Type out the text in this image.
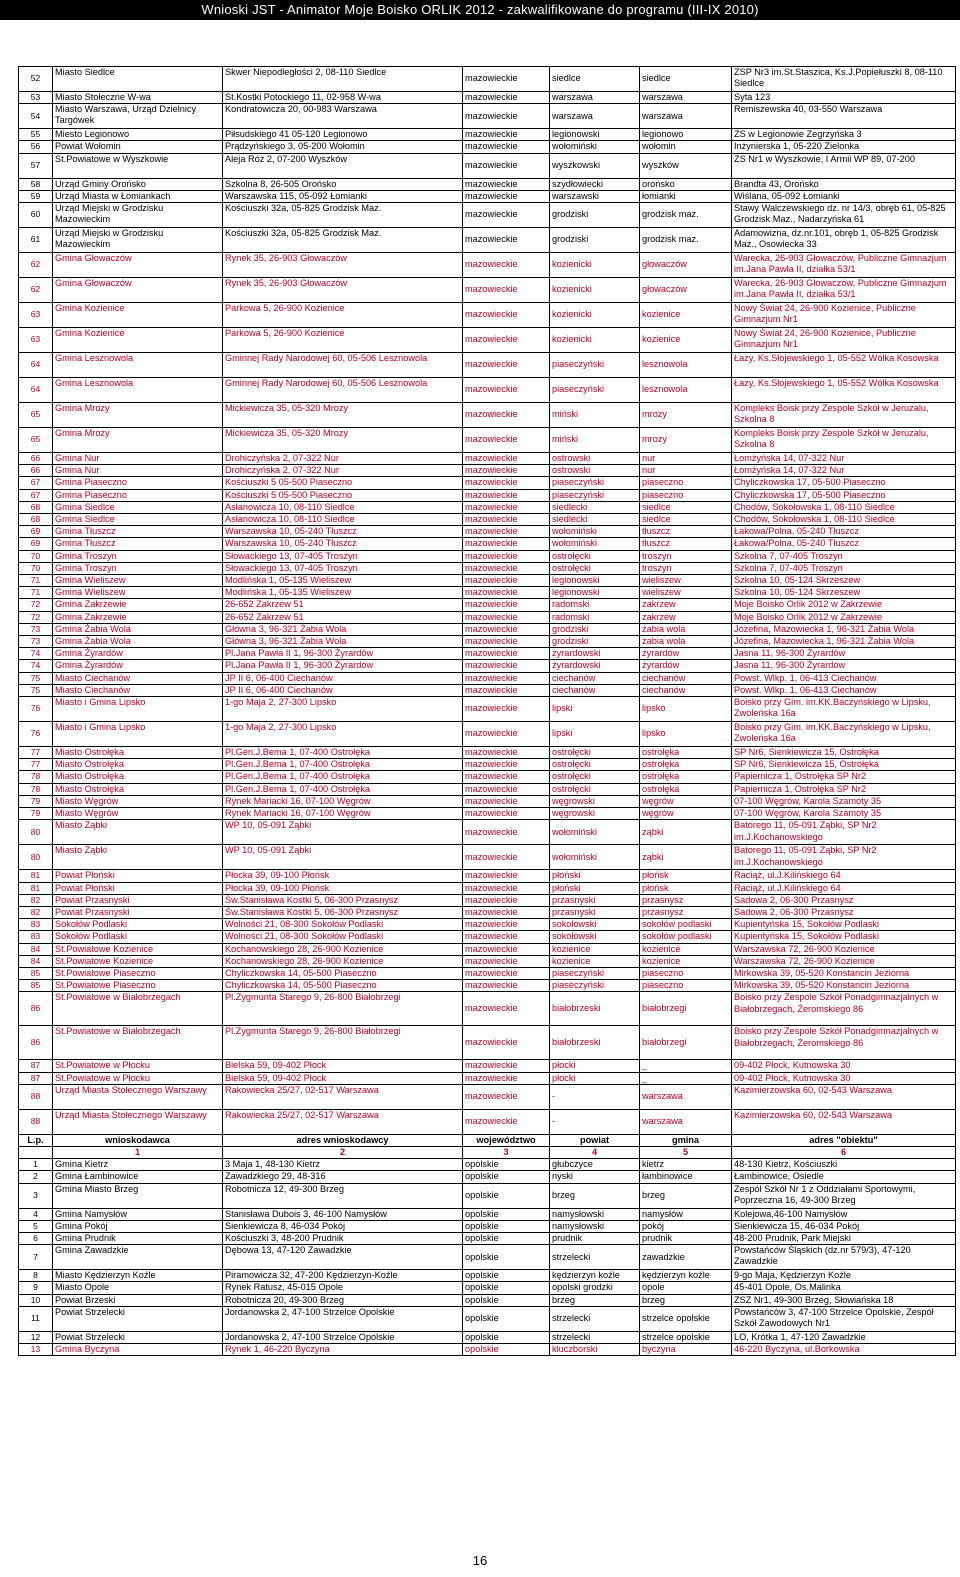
Wnioski JST - Animator Moje Boisko ORLIK 2012 - zakwalifikowane do programu (III-IX 2010)
52	Miasto Siedlce	Skwer Niepodległości 2, 08-110 Siedlce	mazowieckie	siedlce	siedlce	ZSP Nr3 im.St.Staszica, Ks.J.Popiełuszki 8, 08-110 Siedlce
53	Miasto Stołeczne W-wa	St.Kostki Potockiego 11, 02-958 W-wa	mazowieckie	warszawa	warszawa	Syta 123
54	Miasto Warszawa, Urząd Dzielnicy Targówek	Kondratowicza 20, 00-983 Warszawa	mazowieckie	warszawa	warszawa	Remiszewska 40, 03-550 Warszawa
55	Miesto Legionowo	Piłsudskiego 41 05-120 Legionowo	mazowieckie	legionowski	legionowo	ZS w Legionowie Zegrzyńska 3
56	Powiat Wołomin	Prądzyńskiego 3, 05-200 Wołomin	mazowieckie	wołomiński	wołomin	Inżynierska 1, 05-220 Zielonka
57	St.Powiatowe w Wyszkowie	Aleja Róż 2, 07-200 Wyszków	mazowieckie	wyszkowski	wyszków	ZS Nr1 w Wyszkowie, I Armii WP 89, 07-200
58	Urząd Gminy Orońsko	Szkolna 8, 26-505 Orońsko	mazowieckie	szydłowiecki	orońsko	Brandta 43, Orońsko
59	Urząd Miasta w Łomiankach	Warszawska 115, 05-092 Łomianki	mazowieckie	warszawski	łomianki	Wiślana, 05-092 Łomianki
60	Urząd Miejski w Grodzisku Mazowieckim	Kościuszki 32a, 05-825 Grodzisk Maz.	mazowieckie	grodziski	grodzisk maz.	Stawy Walczewskiego dz. nr 14/3, obręb 61, 05-825 Grodzisk Maz., Nadarzyńska 61
61	Urząd Miejski w Grodzisku Mazowieckim	Kościuszki 32a, 05-825 Grodzisk Maz.	mazowieckie	grodziski	grodzisk maz.	Adamowizna, dz.nr.101, obręb 1, 05-825 Grodzisk Maz., Osowiecka 33
62	Gmina Głowaczów	Rynek 35, 26-903 Głowaczów	mazowieckie	kozienicki	głowaczów	Warecka, 26-903 Głowaczów, Publiczne Gimnazjum im.Jana Pawła II, działka 53/1
62	Gmina Głowaczów	Rynek 35, 26-903 Głowaczów	mazowieckie	kozienicki	głowaczów	Warecka, 26-903 Głowaczów, Publiczne Gimnazjum im.Jana Pawła II, działka 53/1
63	Gmina Kozienice	Parkowa 5, 26-900 Kozienice	mazowieckie	kozienicki	kozienice	Nowy Świat 24, 26-900 Kozienice, Publiczne Gimnazjum Nr1
63	Gmina Kozienice	Parkowa 5, 26-900 Kozienice	mazowieckie	kozienicki	kozienice	Nowy Świat 24, 26-900 Kozienice, Publiczne Gimnazjum Nr1
64	Gmina Lesznowola	Gminnej Rady Narodowej 60, 05-506 Lesznowola	mazowieckie	piaseczyński	lesznowola	Łazy, Ks.Słojewskiego 1, 05-552 Wólka Kosowska
64	Gmina Lesznowola	Gminnej Rady Narodowej 60, 05-506 Lesznowola	mazowieckie	piaseczyński	lesznowola	Łazy, Ks.Słojewskiego 1, 05-552 Wólka Kosowska
65	Gmina Mrozy	Mickiewicza 35, 05-320 Mrozy	mazowieckie	miński	mrozy	Kompleks Boisk przy Zespole Szkół w Jeruzalu, Szkolna 8
65	Gmina Mrozy	Mickiewicza 35, 05-320 Mrozy	mazowieckie	miński	mrozy	Kompleks Boisk przy Zespole Szkół w Jeruzalu, Szkolna 8
66	Gmina Nur	Drohiczyńska 2, 07-322 Nur	mazowieckie	ostrowski	nur	Łomżyńska 14, 07-322 Nur
66	Gmina Nur	Drohiczyńska 2, 07-322 Nur	mazowieckie	ostrowski	nur	Łomżyńska 14, 07-322 Nur
67	Gmina Piaseczno	Kościuszki 5 05-500 Piaseczno	mazowieckie	piaseczyński	piaseczno	Chyliczkowska 17, 05-500 Piaseczno
67	Gmina Piaseczno	Kościuszki 5 05-500 Piaseczno	mazowieckie	piaseczyński	piaseczno	Chyliczkowska 17, 05-500 Piaseczno
68	Gmina Siedlce	Asłanowicza 10, 08-110 Siedlce	mazowieckie	siedlecki	siedlce	Chodów, Sokołowska 1, 08-110 Siedlce
68	Gmina Siedlce	Asłanowicza 10, 08-110 Siedlce	mazowieckie	siedlecki	siedlce	Chodów, Sokołowska 1, 08-110 Siedlce
69	Gmina Tłuszcz	Warszawska 10, 05-240 Tłuszcz	mazowieckie	wołomiński	tłuszcz	Łakowa/Polna, 05-240 Tłuszcz
69	Gmina Tłuszcz	Warszawska 10, 05-240 Tłuszcz	mazowieckie	wołomiński	tłuszcz	Łakowa/Polna, 05-240 Tłuszcz
70	Gmina Troszyn	Słowackiego 13, 07-405 Troszyn	mazowieckie	ostrołęcki	troszyn	Szkolna 7, 07-405 Troszyn
70	Gmina Troszyn	Słowackiego 13, 07-405 Troszyn	mazowieckie	ostrołęcki	troszyn	Szkolna 7, 07-405 Troszyn
71	Gmina Wieliszew	Modlińska 1, 05-135 Wieliszew	mazowieckie	legionowski	wieliszew	Szkolna 10, 05-124 Skrzeszew
71	Gmina Wieliszew	Modlińska 1, 05-135 Wieliszew	mazowieckie	legionowski	wieliszew	Szkolna 10, 05-124 Skrzeszew
72	Gmina Zakrzewie	26-652 Zakrzew 51	mazowieckie	radomski	zakrzew	Moje Boisko Orlik 2012 w Zakrzewie
72	Gmina Zakrzewie	26-652 Zakrzew 51	mazowieckie	radomski	zakrzew	Moje Boisko Orlik 2012 w Zakrzewie
73	Gmina Żabia Wola	Główna 3, 96-321 Żabia Wola	mazowieckie	grodziski	żabia wola	Józefina, Mazowiecka 1, 96-321 Żabia Wola
73	Gmina Żabia Wola	Główna 3, 96-321 Żabia Wola	mazowieckie	grodziski	żabia wola	Józefina, Mazowiecka 1, 96-321 Żabia Wola
74	Gmina Żyrardów	Pl.Jana Pawła II 1, 96-300 Żyrardów	mazowieckie	żyrardowski	żyrardów	Jasna 11, 96-300 Żyrardów
74	Gmina Żyrardów	Pl.Jana Pawła II 1, 96-300 Żyrardów	mazowieckie	żyrardowski	żyrardów	Jasna 11, 96-300 Żyrardów
75	Miasto Ciechanów	JP II 6, 06-400 Ciechanów	mazowieckie	ciechanów	ciechanów	Powst. Wlkp. 1, 06-413 Ciechanów
75	Miasto Ciechanów	JP II 6, 06-400 Ciechanów	mazowieckie	ciechanów	ciechanów	Powst. Wlkp. 1, 06-413 Ciechanów
76	Miasto i Gmina Lipsko	1-go Maja 2, 27-300 Lipsko	mazowieckie	lipski	lipsko	Boisko przy Gim. im.KK.Baczyńskiego w Lipsku, Zwoleńska 16a
76	Miasto i Gmina Lipsko	1-go Maja 2, 27-300 Lipsko	mazowieckie	lipski	lipsko	Boisko przy Gim. im.KK.Baczyńskiego w Lipsku, Zwoleńska 16a
77	Miasto Ostrołęka	Pl.Gen.J.Bema 1, 07-400 Ostrołęka	mazowieckie	ostrołęcki	ostrołęka	SP Nr6, Sienkiewicza 15, Ostrołęka
77	Miasto Ostrołęka	Pl.Gen.J.Bema 1, 07-400 Ostrołęka	mazowieckie	ostrołęcki	ostrołęka	SP Nr6, Sienkiewicza 15, Ostrołęka
78	Miasto Ostrołęka	Pl.Gen.J.Bema 1, 07-400 Ostrołęka	mazowieckie	ostrołęcki	ostrołęka	Papiernicza 1, Ostrołęka SP Nr2
78	Miasto Ostrołęka	Pl.Gen.J.Bema 1, 07-400 Ostrołęka	mazowieckie	ostrołęcki	ostrołęka	Papiernicza 1, Ostrołęka SP Nr2
79	Miasto Węgrów	Rynek Mariacki 16, 07-100 Węgrów	mazowieckie	węgrowski	węgrów	07-100 Węgrów, Karola Szamoty 35
79	Miasto Węgrów	Rynek Mariacki 16, 07-100 Węgrów	mazowieckie	węgrowski	węgrów	07-100 Węgrów, Karola Szamoty 35
80	Miasto Ząbki	WP 10, 05-091 Ząbki	mazowieckie	wołomiński	ząbki	Batorego 11, 05-091 Ząbki, SP Nr2 im.J.Kochanowskiego
80	Miasto Ząbki	WP 10, 05-091 Ząbki	mazowieckie	wołomiński	ząbki	Batorego 11, 05-091 Ząbki, SP Nr2 im.J.Kochanowskiego
81	Powiat Płoński	Płocka 39, 09-100 Płońsk	mazowieckie	płoński	płońsk	Raciąż, ul.J.Kilińskiego 64
81	Powiat Płoński	Płocka 39, 09-100 Płońsk	mazowieckie	płoński	płońsk	Raciąż, ul.J.Kilińskiego 64
82	Powiat Przasnyski	Św.Stanisława Kostki 5, 06-300 Przasnysz	mazowieckie	przasnyski	przasnysz	Sadowa 2, 06-300 Przasnysz
82	Powiat Przasnyski	Św.Stanisława Kostki 5, 06-300 Przasnysz	mazowieckie	przasnyski	przasnysz	Sadowa 2, 06-300 Przasnysz
83	Sokołów Podlaski	Wolności 21, 08-300 Sokołów Podlaski	mazowieckie	sokołowski	sokołów podlaski	Kupientyńska 15, Sokołów Podlaski
83	Sokołów Podlaski	Wolności 21, 08-300 Sokołów Podlaski	mazowieckie	sokołowski	sokołów podlaski	Kupientyńska 15, Sokołów Podlaski
84	St.Powiatowe Kozienice	Kochanowskiego 28, 26-900 Kozienice	mazowieckie	kozienice	kozienice	Warszawska 72, 26-900 Kozienice
84	St.Powiatowe Kozienice	Kochanowskiego 28, 26-900 Kozienice	mazowieckie	kozienice	kozienice	Warszawska 72, 26-900 Kozienice
85	St.Powiatowe Piaseczno	Chyliczkowska 14, 05-500 Piaseczno	mazowieckie	piaseczyński	piaseczno	Mirkowska 39, 05-520 Konstancin Jeziorna
85	St.Powiatowe Piaseczno	Chyliczkowska 14, 05-500 Piaseczno	mazowieckie	piaseczyński	piaseczno	Mirkowska 39, 05-520 Konstancin Jeziorna
86	St.Powiatowe w Białobrzegach	Pl.Zygmunta Starego 9, 26-800 Białobrzegi	mazowieckie	białobrzeski	białobrzegi	Boisko przy Zespole Szkół Ponadgimnazjalnych w Białobrzegach, Żeromskiego 86
86	St.Powiatowe w Białobrzegach	Pl.Zygmunta Starego 9, 26-800 Białobrzegi	mazowieckie	białobrzeski	białobrzegi	Boisko przy Zespole Szkół Ponadgimnazjalnych w Białobrzegach, Żeromskiego 86
87	St.Powiatowe w Płocku	Bielska 59, 09-402 Płock	mazowieckie	płocki	_	09-402 Płock, Kutnowska 30
87	St.Powiatowe w Płocku	Bielska 59, 09-402 Płock	mazowieckie	płocki	_	09-402 Płock, Kutnowska 30
88	Urząd Miasta Stołecznego Warszawy	Rakowiecka 25/27, 02-517 Warszawa	mazowieckie	-	warszawa	Kazimierzowska 60, 02-543 Warszawa
88	Urząd Miasta Stołecznego Warszawy	Rakowiecka 25/27, 02-517 Warszawa	mazowieckie	-	warszawa	Kazimierzowska 60, 02-543 Warszawa
L.p.	wnioskodawca	adres wnioskodawcy	województwo	powiat	gmina	adres "obiektu"
	1	2	3	4	5	6
1	Gmina Kietrz	3 Maja 1, 48-130 Kietrz	opolskie	głubczyce	kietrz	48-130 Kietrz, Kościuszki
2	Gmina Łambinowice	Zawadzkiego 29, 48-316	opolskie	nyski	łambinowice	Łambinowice, Osiedle
3	Gmina Miasto Brzeg	Robotnicza 12, 49-300 Brzeg	opolskie	brzeg	brzeg	Zespół Szkół Nr 1 z Oddziałami Sportowymi, Poprzeczna 16, 49-300 Brzeg
4	Gmina Namysłów	Stanisława Dubois 3, 46-100 Namysłów	opolskie	namysłowski	namysłów	Kolejowa,46-100 Namysłów
5	Gmina Pokój	Sienkiewicza 8, 46-034 Pokój	opolskie	namysłowski	pokój	Sienkiewicza 15, 46-034 Pokój
6	Gmina Prudnik	Kościuszki 3, 48-200 Prudnik	opolskie	prudnik	prudnik	48-200 Prudnik, Park Miejski
7	Gmina Zawadzkie	Dębowa 13, 47-120 Zawadzkie	opolskie	strzelecki	zawadzkie	Powstańców Śląskich (dz.nr 579/3), 47-120 Zawadzkie
8	Miasto Kędzierzyn Koźle	Piramowicza 32, 47-200 Kędzierzyn-Koźle	opolskie	kędzierzyn koźle	kędzierzyn koźle	9-go Maja, Kędzierzyn Koźle
9	Miasto Opole	Rynek Ratusz, 45-015 Opole	opolskie	opolski grodzki	opole	45-401 Opole, Os.Malinka
10	Powiat Brzeski	Robotnicza 20, 49-300 Brzeg	opolskie	brzeg	brzeg	ZSZ Nr1, 49-300 Brzeg, Słowiańska 18
11	Powiat Strzelecki	Jordanowska 2, 47-100 Strzelce Opolskie	opolskie	strzelecki	strzelce opolskie	Powstańców 3, 47-100 Strzelce Opolskie, Zespół Szkół Zawodowych Nr1
12	Powiat Strzelecki	Jordanowska 2, 47-100 Strzelce Opolskie	opolskie	strzelecki	strzelce opolskie	LO, Krótka 1, 47-120 Zawadzkie
13	Gmina Byczyna	Rynek 1, 46-220 Byczyna	opolskie	kluczborski	byczyna	46-220 Byczyna, ul.Borkowska
16
